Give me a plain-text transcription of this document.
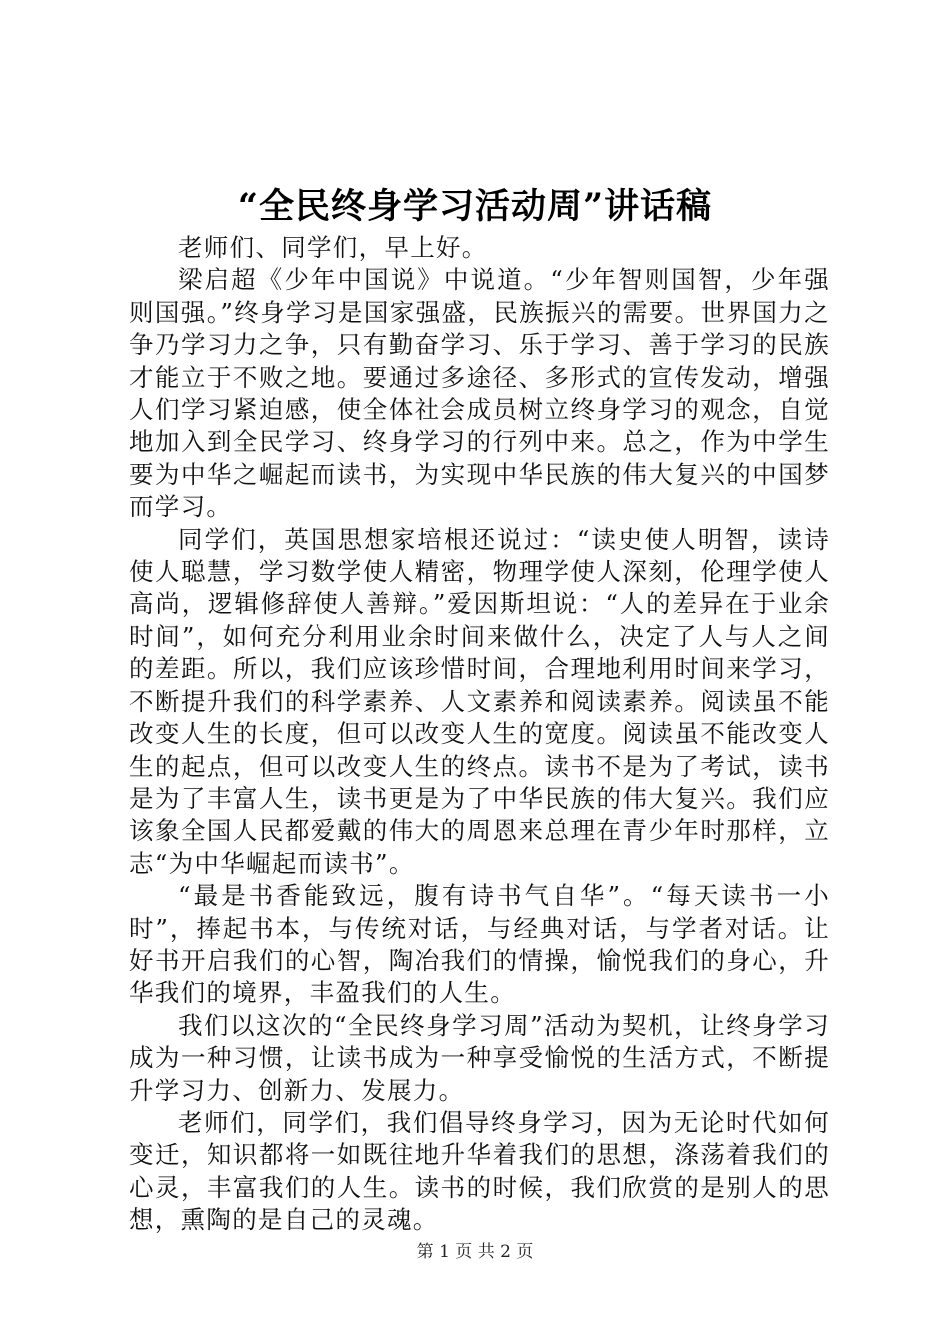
“全民终身学习活动周”讲话稿

老师们、同学们，早上好。

梁启超《少年中国说》中说道。“少年智则国智，少年强则国强。”终身学习是国家强盛，民族振兴的需要。世界国力之争乃学习力之争，只有勤奋学习、乐于学习、善于学习的民族才能立于不败之地。要通过多途径、多形式的宣传发动，增强人们学习紧迫感，使全体社会成员树立终身学习的观念，自觉地加入到全民学习、终身学习的行列中来。总之，作为中学生要为中华之崛起而读书，为实现中华民族的伟大复兴的中国梦而学习。

同学们，英国思想家培根还说过：“读史使人明智，读诗使人聪慧，学习数学使人精密，物理学使人深刻，伦理学使人高尚，逻辑修辞使人善辩。”爱因斯坦说：“人的差异在于业余时间”，如何充分利用业余时间来做什么，决定了人与人之间的差距。所以，我们应该珍惜时间，合理地利用时间来学习，不断提升我们的科学素养、人文素养和阅读素养。阅读虽不能改变人生的长度，但可以改变人生的宽度。阅读虽不能改变人生的起点，但可以改变人生的终点。读书不是为了考试，读书是为了丰富人生，读书更是为了中华民族的伟大复兴。我们应该象全国人民都爱戴的伟大的周恩来总理在青少年时那样，立志“为中华崛起而读书”。

“最是书香能致远，腹有诗书气自华”。“每天读书一小时”，捧起书本，与传统对话，与经典对话，与学者对话。让好书开启我们的心智，陶冶我们的情操，愉悦我们的身心，升华我们的境界，丰盈我们的人生。

我们以这次的“全民终身学习周”活动为契机，让终身学习成为一种习惯，让读书成为一种享受愉悦的生活方式，不断提升学习力、创新力、发展力。

老师们，同学们，我们倡导终身学习，因为无论时代如何变迁，知识都将一如既往地升华着我们的思想，涤荡着我们的心灵，丰富我们的人生。读书的时候，我们欣赏的是别人的思想，熏陶的是自己的灵魂。

第 1 页 共 2 页
